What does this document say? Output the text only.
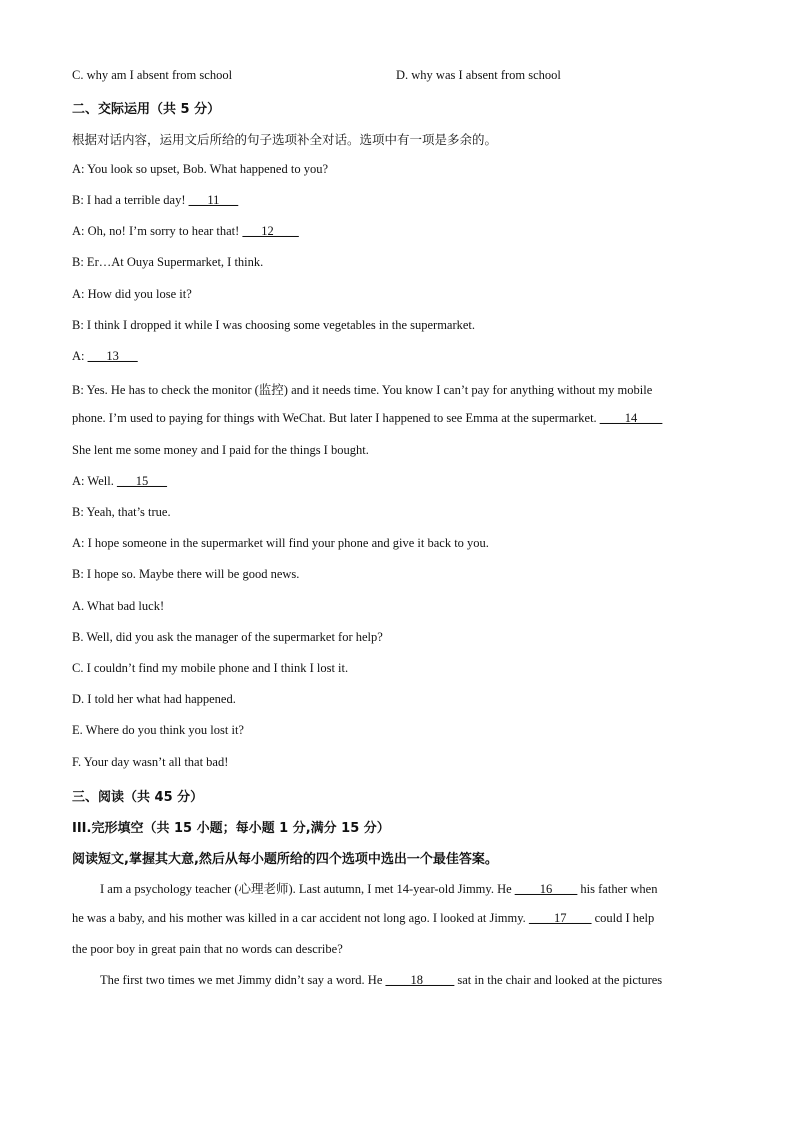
C. why am I absent from school	D. why was I absent from school
二、交际运用（共 5 分）
根据对话内容，运用文后所给的句子选项补全对话。选项中有一项是多余的。
A: You look so upset, Bob. What happened to you?
B: I had a terrible day! ___11___
A: Oh, no! I’m sorry to hear that! ___12____
B: Er…At Ouya Supermarket, I think.
A: How did you lose it?
B: I think I dropped it while I was choosing some vegetables in the supermarket.
A: ___13___
B: Yes. He has to check the monitor (监控) and it needs time. You know I can’t pay for anything without my mobile
phone. I’m used to paying for things with WeChat. But later I happened to see Emma at the supermarket. ____14____
She lent me some money and I paid for the things I bought.
A: Well. ___15___
B: Yeah, that’s true.
A: I hope someone in the supermarket will find your phone and give it back to you.
B: I hope so. Maybe there will be good news.
A. What bad luck!
B. Well, did you ask the manager of the supermarket for help?
C. I couldn’t find my mobile phone and I think I lost it.
D. I told her what had happened.
E. Where do you think you lost it?
F. Your day wasn’t all that bad!
三、阅读（共 45 分）
III.完形填空（共 15 小题；每小题 1 分,满分 15 分）
阅读短文,掌握其大意,然后从每小题所给的四个选项中选出一个最佳答案。
I am a psychology teacher (心理老师). Last autumn, I met 14-year-old Jimmy. He ____16____ his father when
he was a baby, and his mother was killed in a car accident not long ago. I looked at Jimmy. ____17____ could I help
the poor boy in great pain that no words can describe?
The first two times we met Jimmy didn’t say a word. He ____18_____ sat in the chair and looked at the pictures
